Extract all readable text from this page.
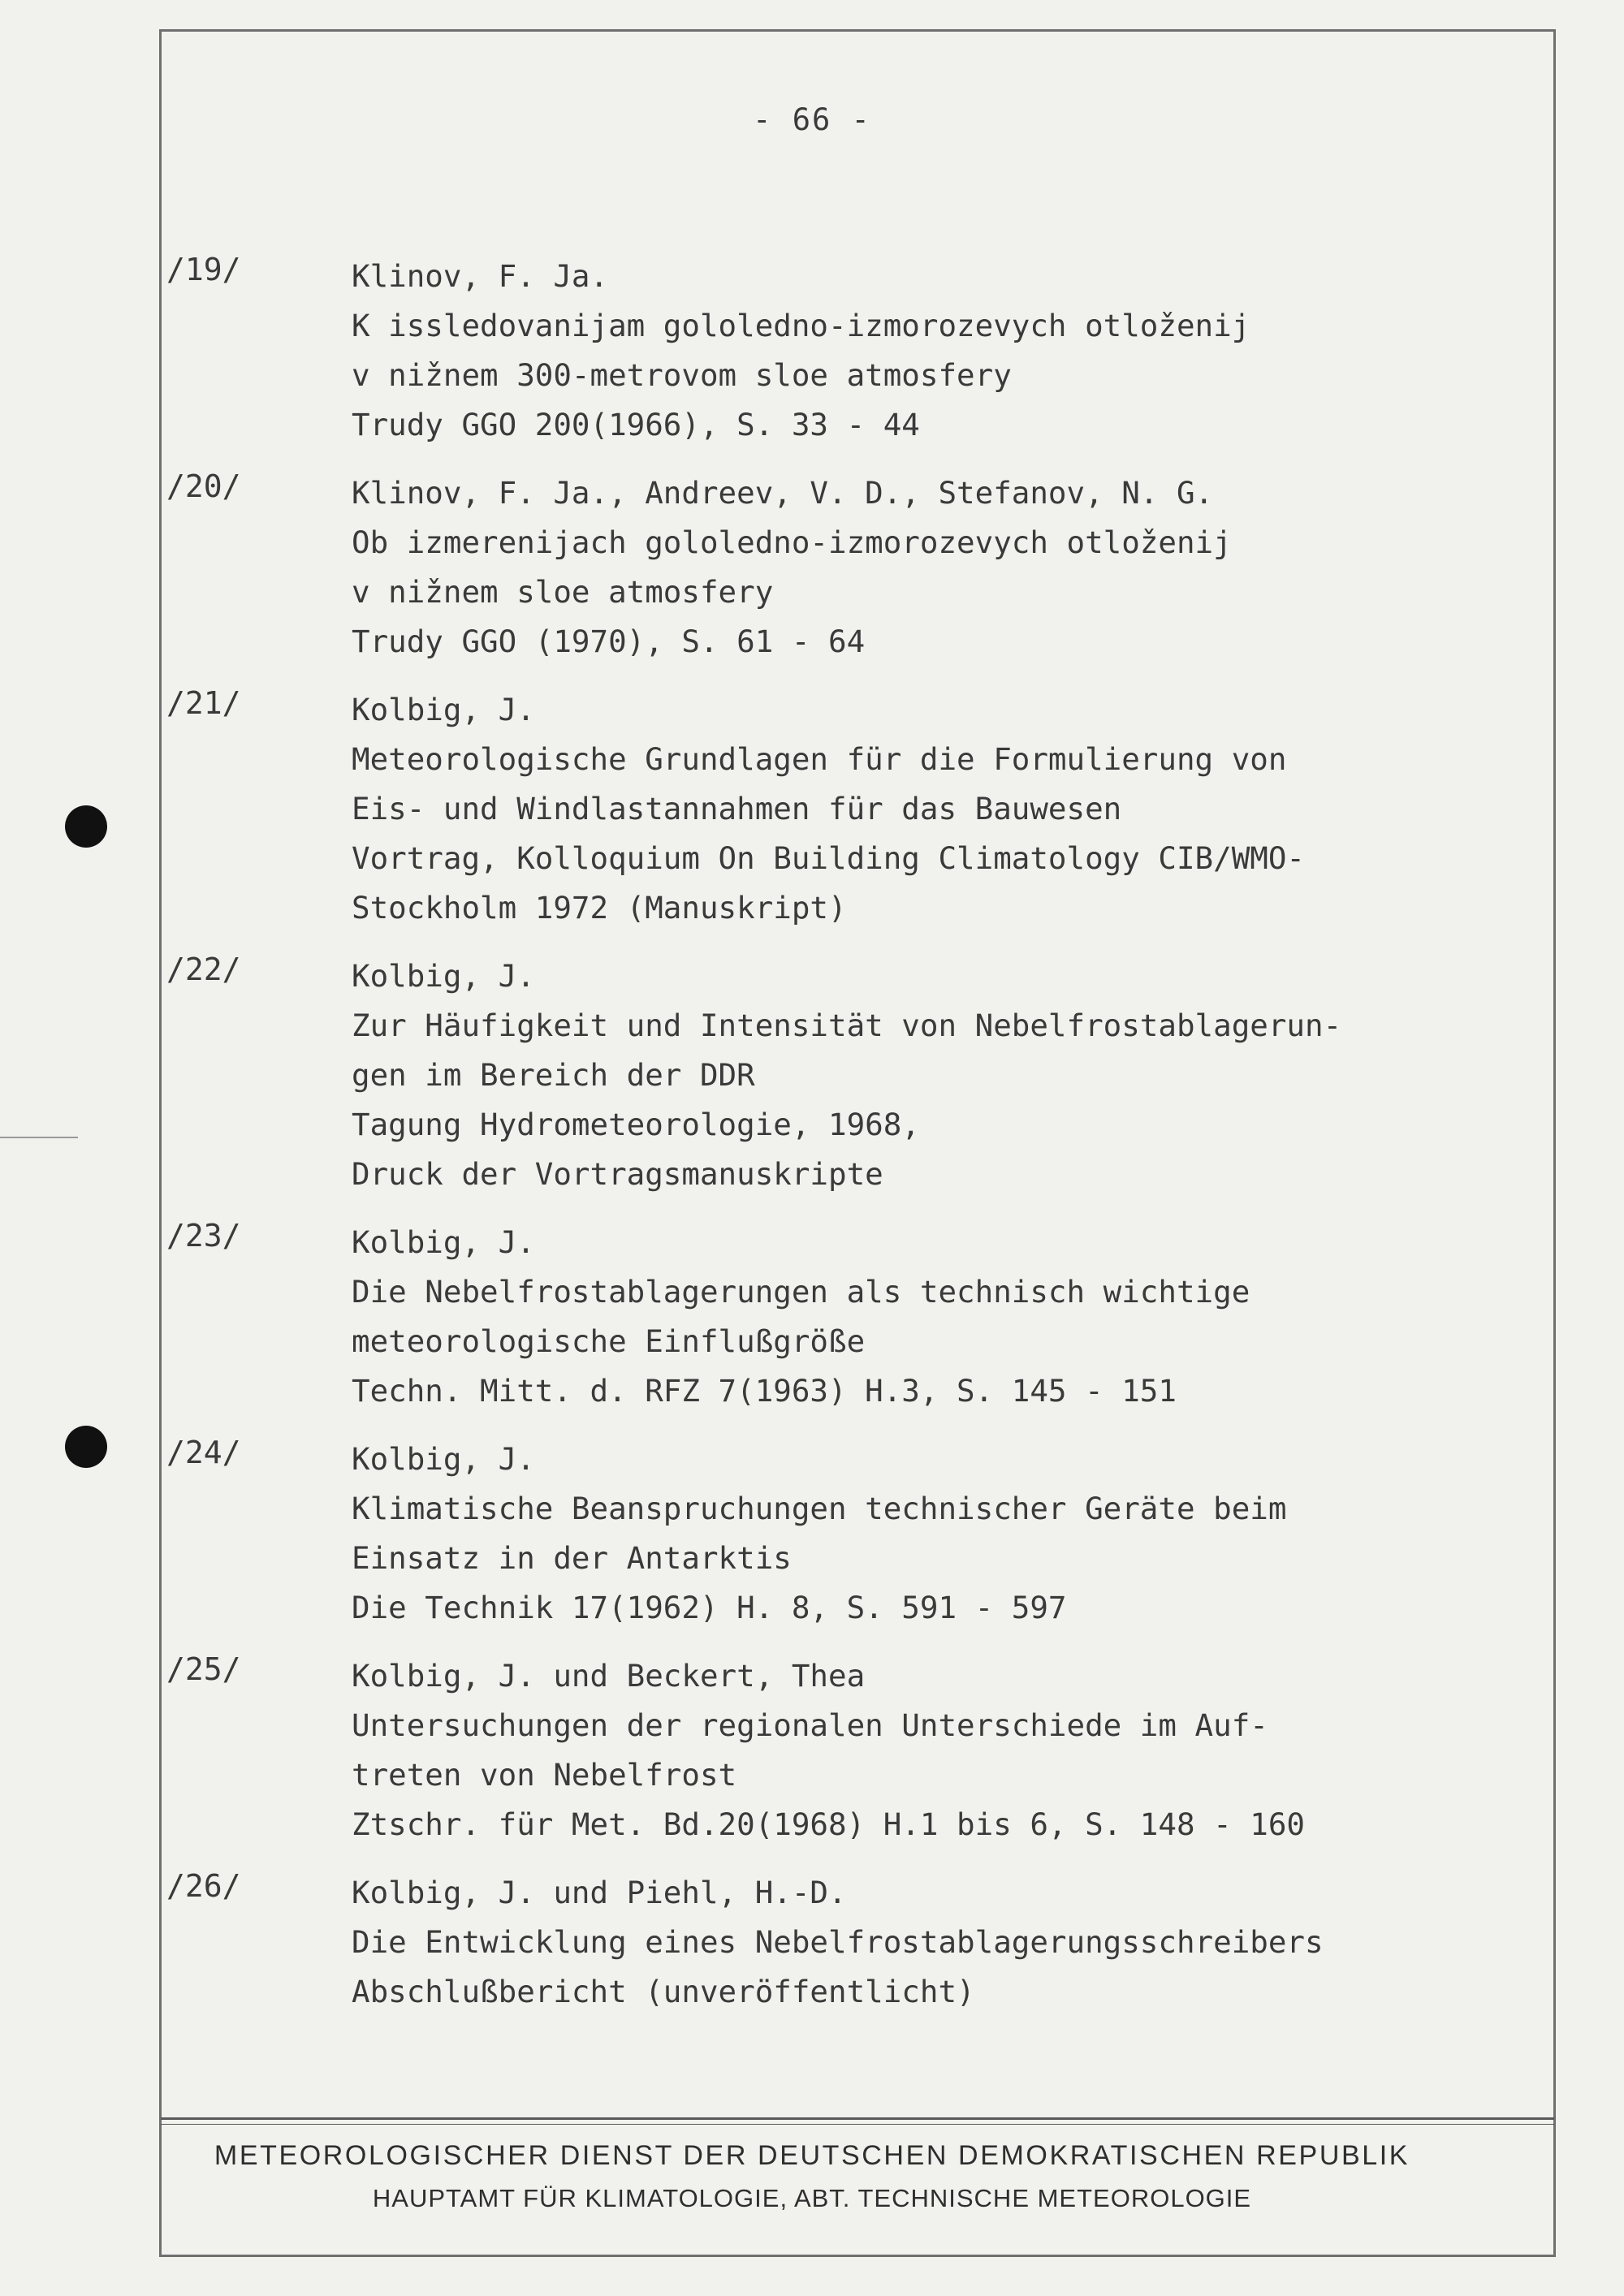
- 66 -
/19/	Klinov, F. Ja.
K issledovanijam gololedno-izmorozevych otloženij
v nižnem 300-metrovom sloe atmosfery
Trudy GGO 200(1966), S. 33 - 44
/20/	Klinov, F. Ja., Andreev, V. D., Stefanov, N. G.
Ob izmerenijach gololedno-izmorozevych otloženij
v nižnem sloe atmosfery
Trudy GGO (1970), S. 61 - 64
/21/	Kolbig, J.
Meteorologische Grundlagen für die Formulierung von
Eis- und Windlastannahmen für das Bauwesen
Vortrag, Kolloquium On Building Climatology CIB/WMO-
Stockholm 1972 (Manuskript)
/22/	Kolbig, J.
Zur Häufigkeit und Intensität von Nebelfrostablagerun-
gen im Bereich der DDR
Tagung Hydrometeorologie, 1968,
Druck der Vortragsmanuskripte
/23/	Kolbig, J.
Die Nebelfrostablagerungen als technisch wichtige
meteorologische Einflußgröße
Techn. Mitt. d. RFZ 7(1963) H.3, S. 145 - 151
/24/	Kolbig, J.
Klimatische Beanspruchungen technischer Geräte beim
Einsatz in der Antarktis
Die Technik 17(1962) H. 8, S. 591 - 597
/25/	Kolbig, J. und Beckert, Thea
Untersuchungen der regionalen Unterschiede im Auf-
treten von Nebelfrost
Ztschr. für Met. Bd.20(1968) H.1 bis 6, S. 148 - 160
/26/	Kolbig, J. und Piehl, H.-D.
Die Entwicklung eines Nebelfrostablagerungsschreibers
Abschlußbericht (unveröffentlicht)
METEOROLOGISCHER DIENST DER DEUTSCHEN DEMOKRATISCHEN REPUBLIK
HAUPTAMT FÜR KLIMATOLOGIE, ABT. TECHNISCHE METEOROLOGIE
